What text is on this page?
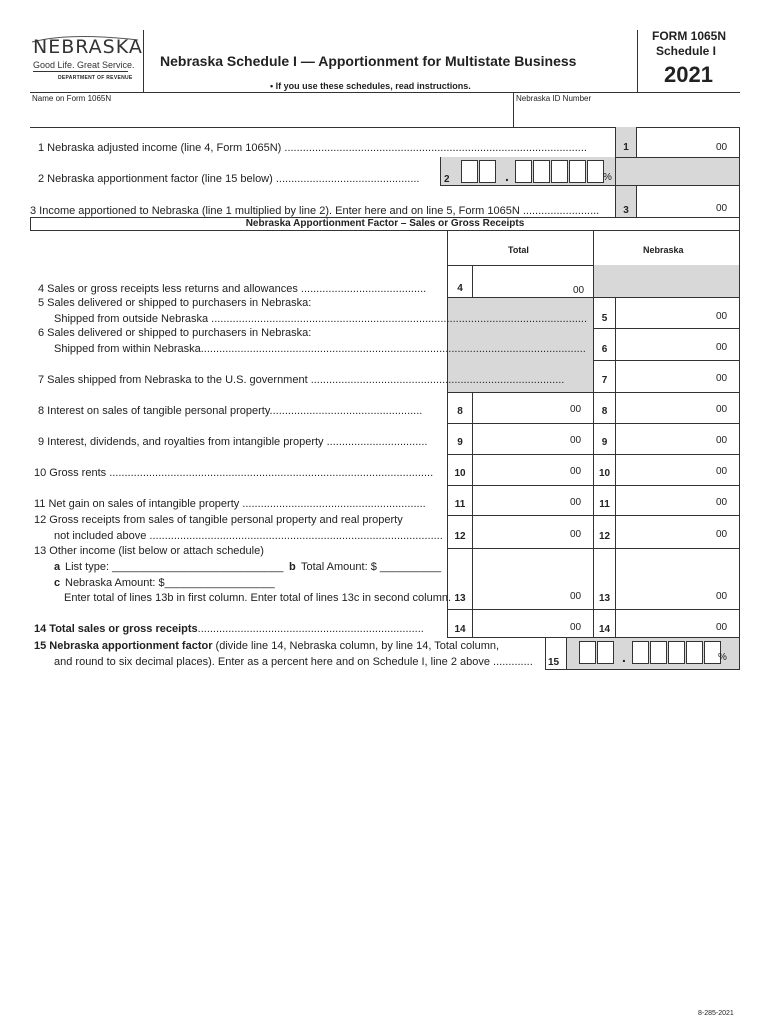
NEBRASKA
Good Life. Great Service.
DEPARTMENT OF REVENUE
Nebraska Schedule I — Apportionment for Multistate Business
• If you use these schedules, read instructions.
FORM 1065N
Schedule I
2021
Name on Form 1065N	Nebraska ID Number
1 Nebraska adjusted income (line 4, Form 1065N) ...................................................................................................	1	00
2 Nebraska apportionment factor (line 15 below) ............................................... 2	.	%
3 Income apportioned to Nebraska (line 1 multiplied by line 2). Enter here and on line 5, Form 1065N .........................	3	00
Nebraska Apportionment Factor – Sales or Gross Receipts
Total	Nebraska
4 Sales or gross receipts less returns and allowances .........................................	4	00
5 Sales delivered or shipped to purchasers in Nebraska:
Shipped from outside Nebraska ...........................................................................................................................	5	00
6 Sales delivered or shipped to purchasers in Nebraska:
Shipped from within Nebraska..............................................................................................................................	6	00
7 Sales shipped from Nebraska to the U.S. government ...................................................................................	7	00
8 Interest on sales of tangible personal property..................................................	8	00	8	00
9 Interest, dividends, and royalties from intangible property .................................	9	00	9	00
10 Gross rents ..........................................................................................................	10	00	10	00
11 Net gain on sales of intangible property ............................................................	11	00	11	00
12 Gross receipts from sales of tangible personal property and real property
not included above ................................................................................................	12	00	12	00
13 Other income (list below or attach schedule)
a List type: ____________________________ b Total Amount: $ __________
c Nebraska Amount: $__________________
Enter total of lines 13b in first column. Enter total of lines 13c in second column. 13	00	13	00
14 Total sales or gross receipts..........................................................................	14	00	14	00
15 Nebraska apportionment factor (divide line 14, Nebraska column, by line 14, Total column,
and round to six decimal places). Enter as a percent here and on Schedule I, line 2 above ............. 15	.	%
8-285-2021
